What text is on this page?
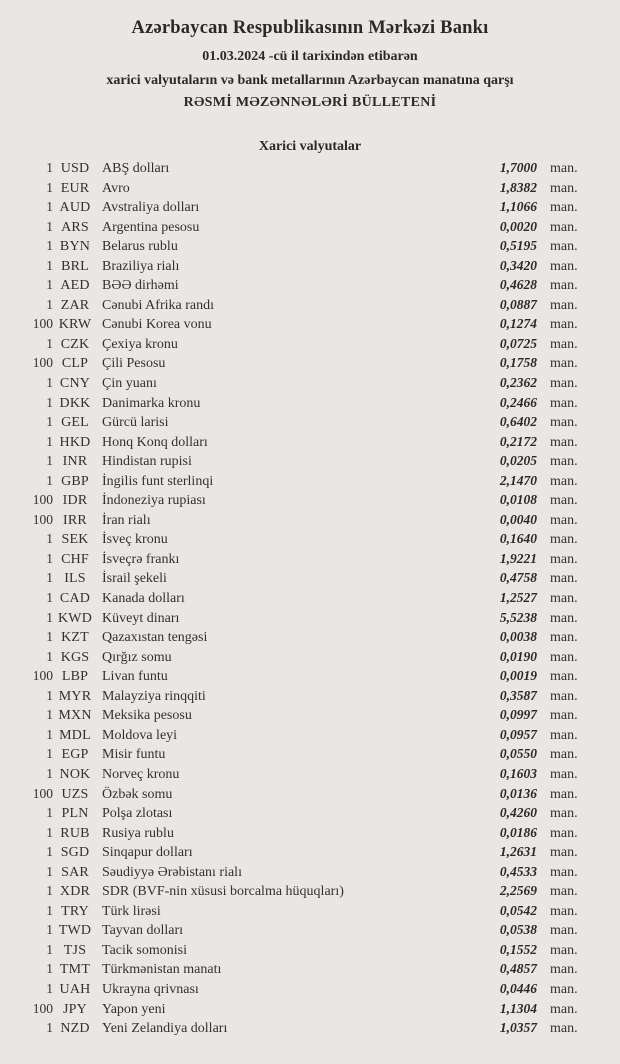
Azərbaycan Respublikasının Mərkəzi Bankı
01.03.2024 -cü il tarixindən etibarən
xarici valyutaların və bank metallarının Azərbaycan manatına qarşı
RƏSMİ MƏZƏNNƏLƏRİ BÜLLETENİ
Xarici valyutalar
1 USD ABŞ dolları	1,7000 man.
1 EUR Avro	1,8382 man.
1 AUD Avstraliya dolları	1,1066 man.
1 ARS Argentina pesosu	0,0020 man.
1 BYN Belarus rublu	0,5195 man.
1 BRL Braziliya rialı	0,3420 man.
1 AED BƏƏ dirhəmi	0,4628 man.
1 ZAR Cənubi Afrika randı	0,0887 man.
100 KRW Cənubi Korea vonu	0,1274 man.
1 CZK Çexiya kronu	0,0725 man.
100 CLP Çili Pesosu	0,1758 man.
1 CNY Çin yuanı	0,2362 man.
1 DKK Danimarka kronu	0,2466 man.
1 GEL Gürcü larisi	0,6402 man.
1 HKD Honq Konq dolları	0,2172 man.
1 INR	Hindistan rupisi	0,0205 man.
1 GBP İngilis funt sterlinqi	2,1470 man.
100 IDR	İndoneziya rupiası	0,0108 man.
100 IRR	İran rialı	0,0040 man.
1 SEK İsveç kronu	0,1640 man.
1 CHF İsveçrə frankı	1,9221 man.
1 ILS	İsrail şekeli	0,4758 man.
1 CAD Kanada dolları	1,2527 man.
1 KWD Küveyt dinarı	5,5238 man.
1 KZT Qazaxıstan tengəsi	0,0038 man.
1 KGS Qırğız somu	0,0190 man.
100 LBP Livan funtu	0,0019 man.
1 MYR Malayziya rinqqiti	0,3587 man.
1 MXN Meksika pesosu	0,0997 man.
1 MDL Moldova leyi	0,0957 man.
1 EGP Misir funtu	0,0550 man.
1 NOK Norveç kronu	0,1603 man.
100 UZS Özbək somu	0,0136 man.
1 PLN Polşa zlotası	0,4260 man.
1 RUB Rusiya rublu	0,0186 man.
1 SGD Sinqapur dolları	1,2631 man.
1 SAR Səudiyyə Ərəbistanı rialı	0,4533 man.
1 XDR SDR (BVF-nin xüsusi borcalma hüquqları)	2,2569 man.
1 TRY Türk lirəsi	0,0542 man.
1 TWD Tayvan dolları	0,0538 man.
1 TJS	Tacik somonisi	0,1552 man.
1 TMT Türkmənistan manatı	0,4857 man.
1 UAH Ukrayna qrivnası	0,0446 man.
100 JPY	Yapon yeni	1,1304 man.
1 NZD Yeni Zelandiya dolları	1,0357 man.
